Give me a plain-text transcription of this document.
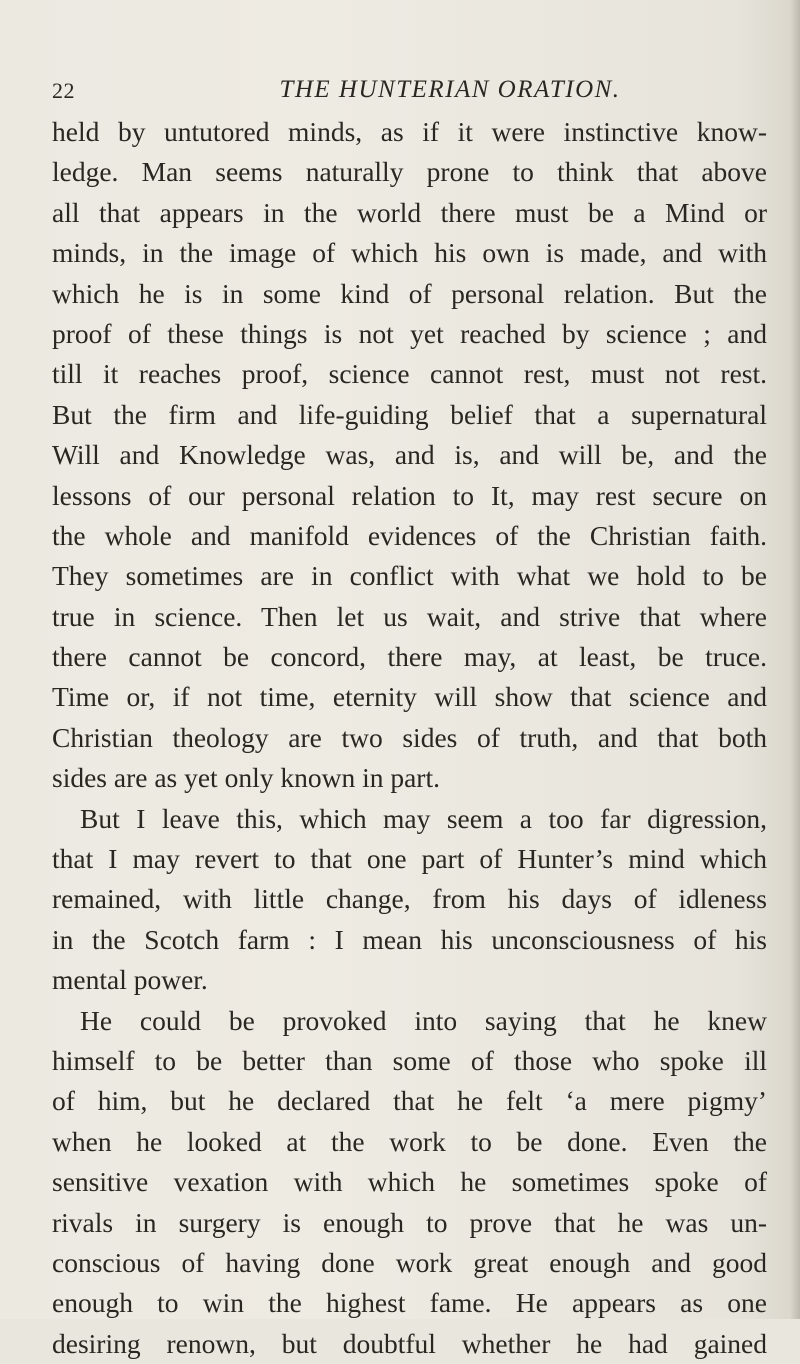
22	THE HUNTERIAN ORATION.
held by untutored minds, as if it were instinctive know-
ledge. Man seems naturally prone to think that above
all that appears in the world there must be a Mind or
minds, in the image of which his own is made, and with
which he is in some kind of personal relation. But the
proof of these things is not yet reached by science ; and
till it reaches proof, science cannot rest, must not rest.
But the firm and life-guiding belief that a supernatural
Will and Knowledge was, and is, and will be, and the
lessons of our personal relation to It, may rest secure on
the whole and manifold evidences of the Christian faith.
They sometimes are in conflict with what we hold to be
true in science. Then let us wait, and strive that where
there cannot be concord, there may, at least, be truce.
Time or, if not time, eternity will show that science and
Christian theology are two sides of truth, and that both
sides are as yet only known in part.
But I leave this, which may seem a too far digression,
that I may revert to that one part of Hunter’s mind which
remained, with little change, from his days of idleness
in the Scotch farm : I mean his unconsciousness of his
mental power.
He could be provoked into saying that he knew
himself to be better than some of those who spoke ill
of him, but he declared that he felt ‘a mere pigmy’
when he looked at the work to be done. Even the
sensitive vexation with which he sometimes spoke of
rivals in surgery is enough to prove that he was un-
conscious of having done work great enough and good
enough to win the highest fame. He appears as one
desiring renown, but doubtful whether he had gained
